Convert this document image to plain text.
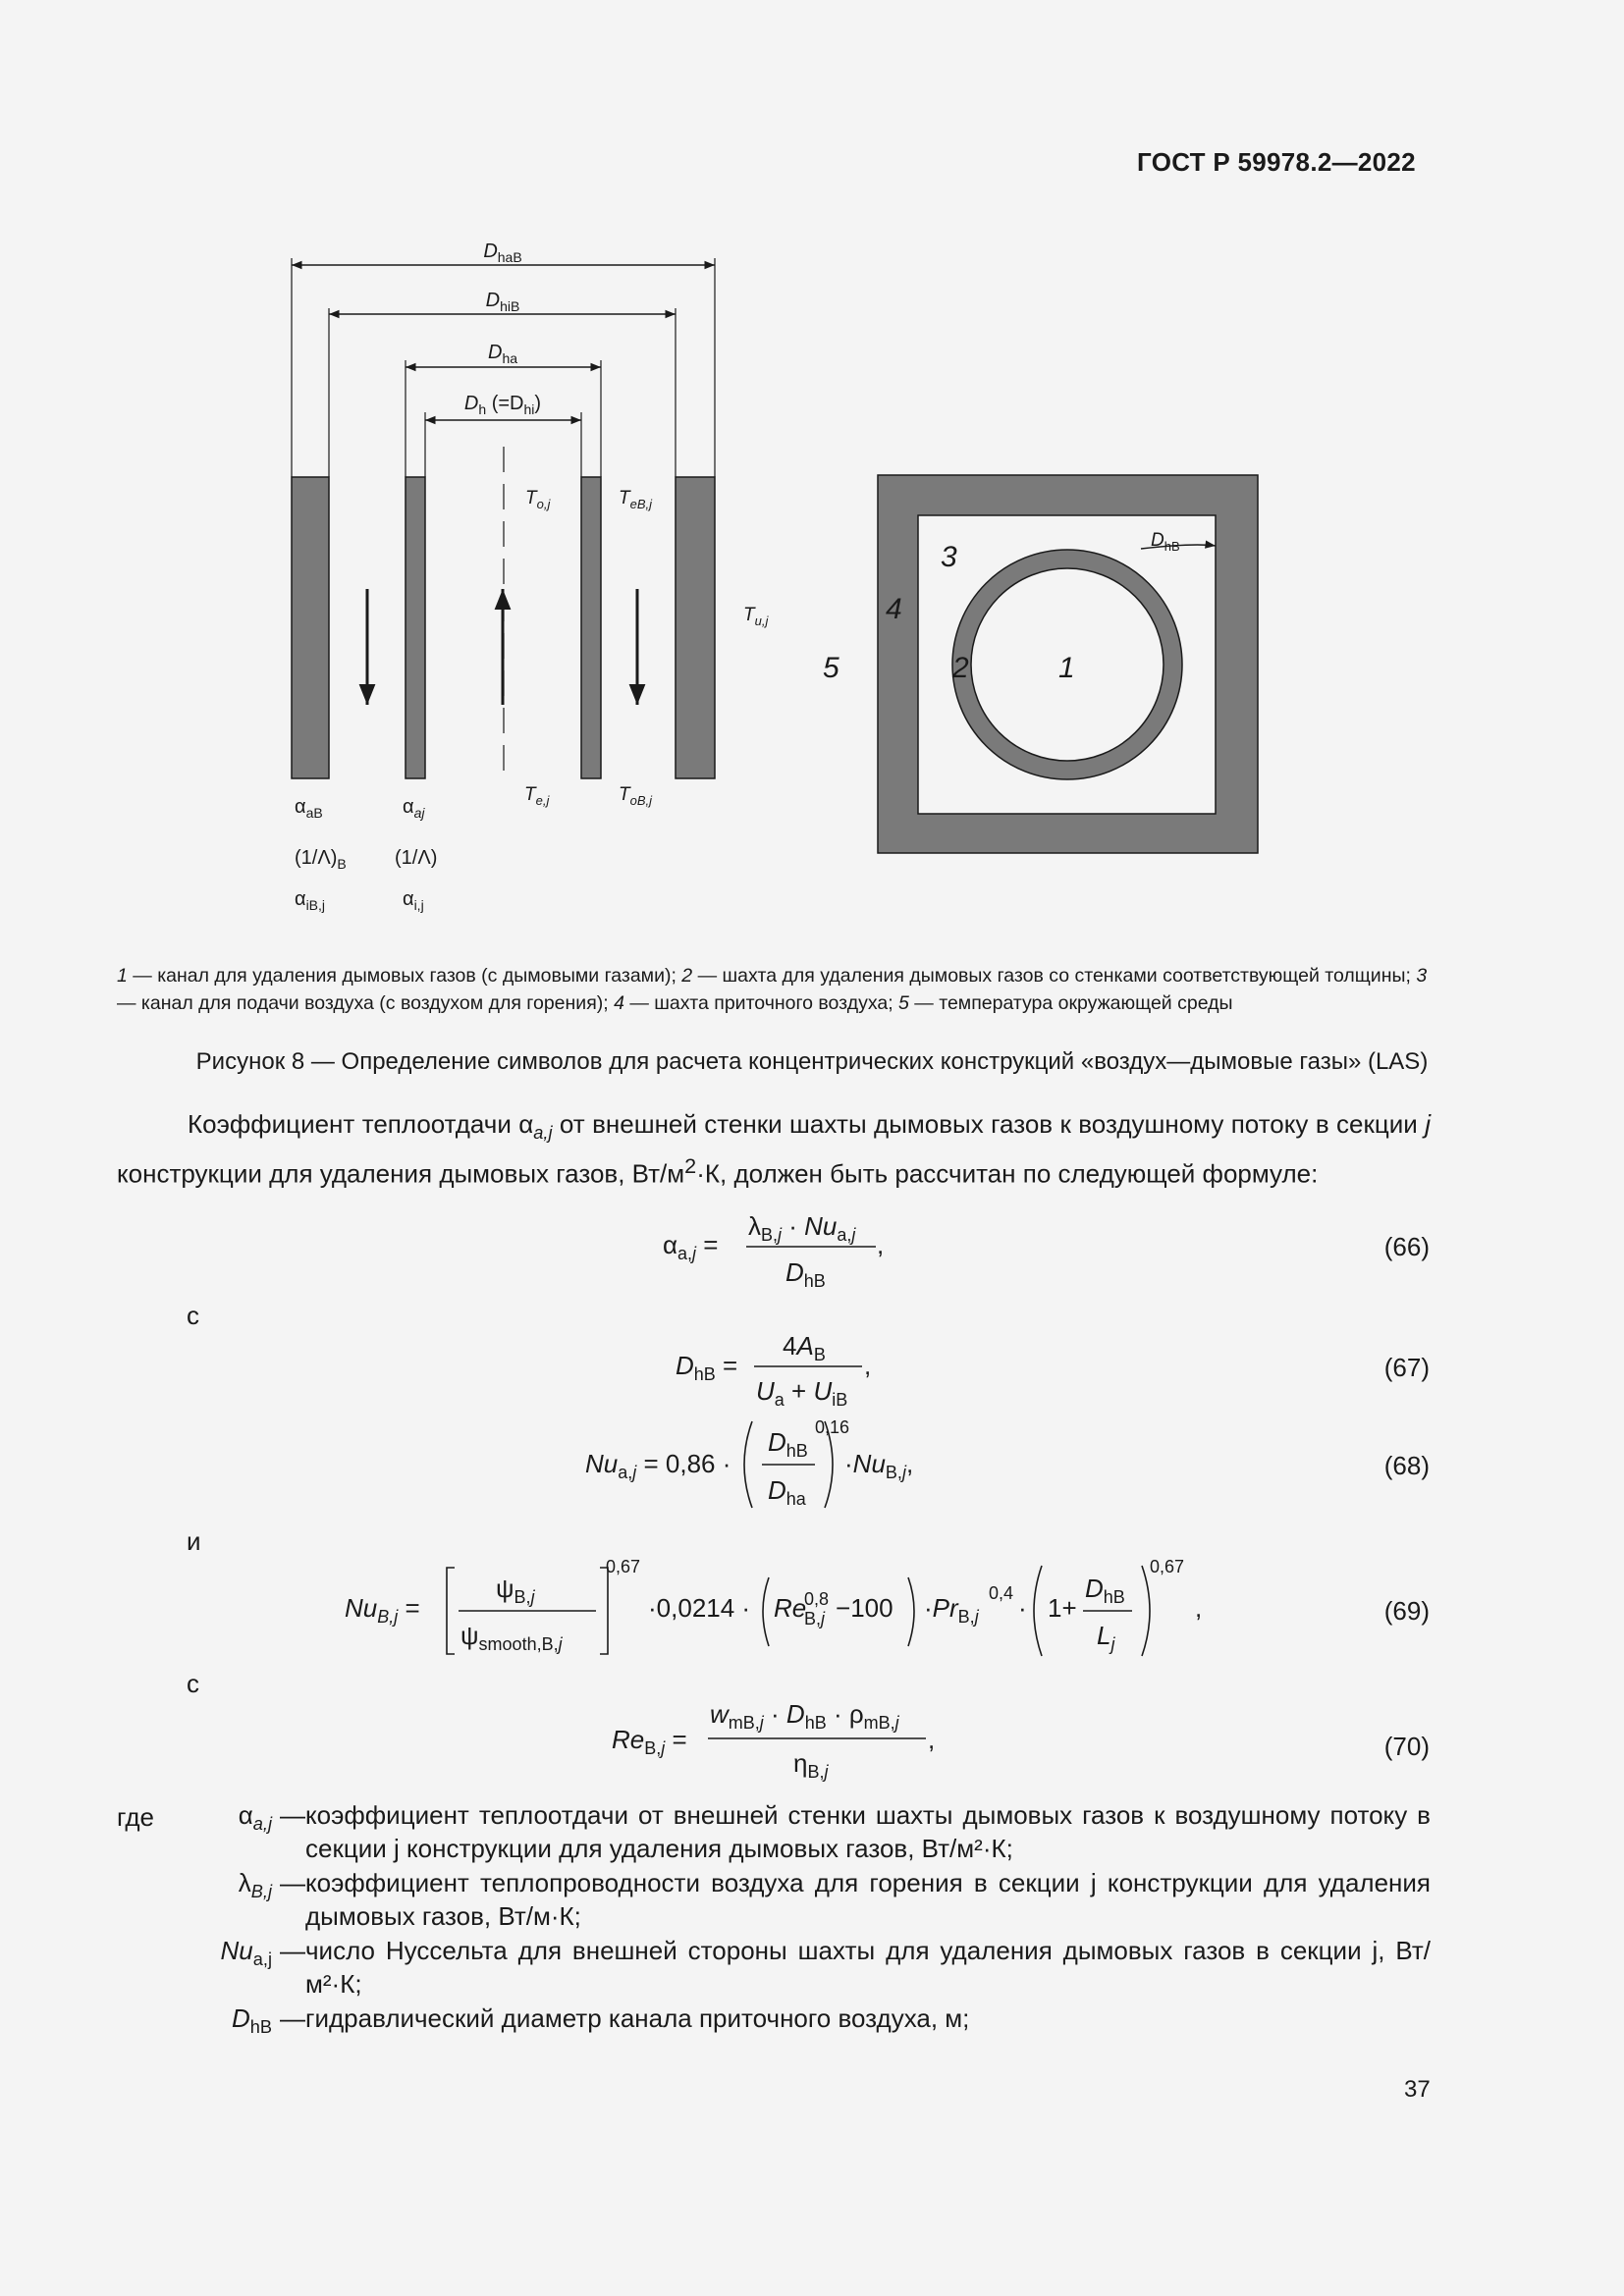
ГОСТ Р 59978.2—2022
$D_{haB}$
$D_{hiB}$
$D_{ha}$
$D_h$ $(=D_{hi})$
$T_{o,j}$	$T_{eB,j}$
$T_{u,j}$
$T_{e,j}$	$T_{oB,j}$
$\alpha_{aB}$	$\alpha_{aj}$
$(1/\Lambda)_B$ (1/Λ)
$\alpha_{iB,j}$	$\alpha_{i,j}$
$D_{hB}$
1
2
3
4
5
1 — канал для удаления дымовых газов (с дымовыми газами); 2 — шахта для удаления дымовых газов со стенками соответствующей толщины; 3 — канал для подачи воздуха (с воздухом для горения); 4 — шахта приточного воздуха; 5 — температура окружающей среды
Рисунок 8 — Определение символов для расчета концентрических конструкций «воздух—дымовые газы» (LAS)

Коэффициент теплоотдачи $\alpha_{a,j}$ от внешней стенки шахты дымовых газов к воздушному потоку в секции j конструкции для удаления дымовых газов, $Вт/м^2\cdot К$, должен быть рассчитан по следующей формуле:

$\alpha_{a,}j$ =
$\lambda_{B,}j \cdot Nu_{a,}j$
$D_{hB}$
,	(66)
с
$D_{hB}$ =
$4A_B$
$U_a + U_{iB}$
,	(67)
$Nu_{a,}j = 0,86$ ·
$D_{hB}$
$D_{ha}$
0,16
$\cdot Nu_{B,}j$,	(68)
и
$Nu_{B,j}$ =
$\psi_{B,}j$
$\psi_{smooth,B,}j$
0,67
·0,0214 · Re
0,8
$B,j -100 \cdot Pr_{B,}j$
0,4 · 1+
$D_{hB}$
$L_j$
0,67
,	(69)
с
$Re_{B,}j$ =
$w_{mB,}j \cdot D_{hB} \cdot \rho_{mB,}j$
$\eta_{B,}j$
,	(70)
где	$\alpha_{a,j}$ — коэффициент теплоотдачи от внешней стенки шахты дымовых газов к воздушному потоку в секции j конструкции для удаления дымовых газов, Вт/м²·К;
$\lambda_{B,j}$ — коэффициент теплопроводности воздуха для горения в секции j конструкции для удаления дымовых газов, Вт/м·К;
$Nu_{a,j}$ — число Нуссельта для внешней стороны шахты для удаления дымовых газов в секции j, Вт/м²·К;
$D_{hB}$ — гидравлический диаметр канала приточного воздуха, м;
37
